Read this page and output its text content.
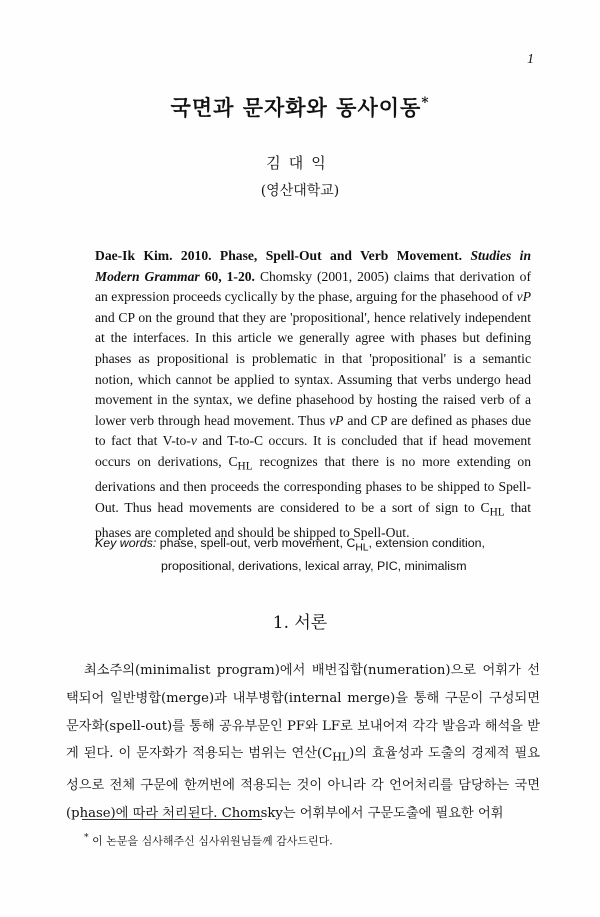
1
국면과 문자화와 동사이동*
김대익
(영산대학교)
Dae-Ik Kim. 2010. Phase, Spell-Out and Verb Movement. Studies in Modern Grammar 60, 1-20. Chomsky (2001, 2005) claims that derivation of an expression proceeds cyclically by the phase, arguing for the phasehood of vP and CP on the ground that they are 'propositional', hence relatively independent at the interfaces. In this article we generally agree with phases but defining phases as propositional is problematic in that 'propositional' is a semantic notion, which cannot be applied to syntax. Assuming that verbs undergo head movement in the syntax, we define phasehood by hosting the raised verb of a lower verb through head movement. Thus vP and CP are defined as phases due to fact that V-to-v and T-to-C occurs. It is concluded that if head movement occurs on derivations, $C_{HL}$ recognizes that there is no more extending on derivations and then proceeds the corresponding phases to be shipped to Spell-Out. Thus head movements are considered to be a sort of sign to $C_{HL}$ that phases are completed and should be shipped to Spell-Out.
Key words: phase, spell-out, verb movement, $C_{HL}$, extension condition,
propositional, derivations, lexical array, PIC, minimalism
1. 서론
최소주의(minimalist program)에서 배번집합(numeration)으로 어휘가 선택되어 일반병합(merge)과 내부병합(internal merge)을 통해 구문이 구성되면 문자화(spell-out)를 통해 공유부문인 PF와 LF로 보내어져 각각 발음과 해석을 받게 된다. 이 문자화가 적용되는 범위는 연산$(C_{HL})$의 효율성과 도출의 경제적 필요성으로 전체 구문에 한꺼번에 적용되는 것이 아니라 각 언어처리를 담당하는 국면(phase)에 따라 처리된다. Chomsky는 어휘부에서 구문도출에 필요한 어휘
* 이 논문을 심사해주신 심사위원님들께 감사드린다.
